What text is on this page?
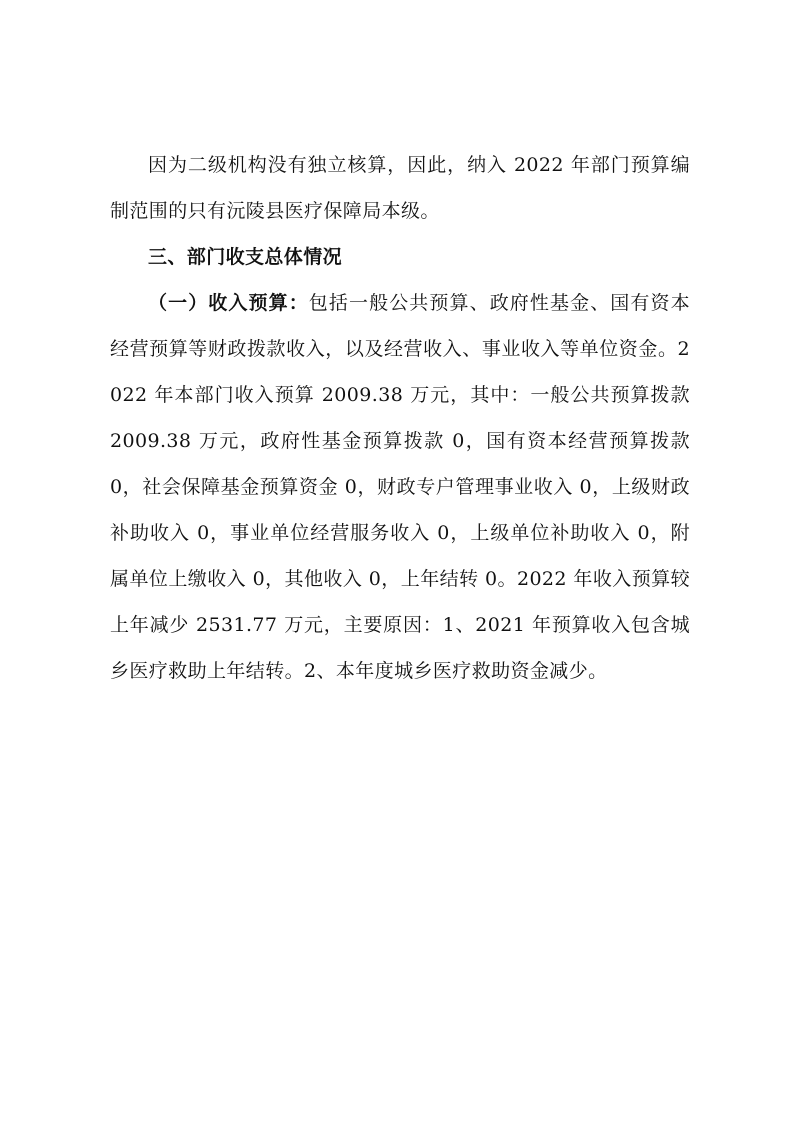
因为二级机构没有独立核算，因此，纳入 2022 年部门预算编制范围的只有沅陵县医疗保障局本级。

三、部门收支总体情况

（一）收入预算：包括一般公共预算、政府性基金、国有资本经营预算等财政拨款收入，以及经营收入、事业收入等单位资金。2022 年本部门收入预算 2009.38 万元，其中：一般公共预算拨款 2009.38 万元，政府性基金预算拨款 0，国有资本经营预算拨款 0，社会保障基金预算资金 0，财政专户管理事业收入 0，上级财政补助收入 0，事业单位经营服务收入 0，上级单位补助收入 0，附属单位上缴收入 0，其他收入 0，上年结转 0。2022 年收入预算较上年减少 2531.77 万元，主要原因：1、2021 年预算收入包含城乡医疗救助上年结转。2、本年度城乡医疗救助资金减少。
